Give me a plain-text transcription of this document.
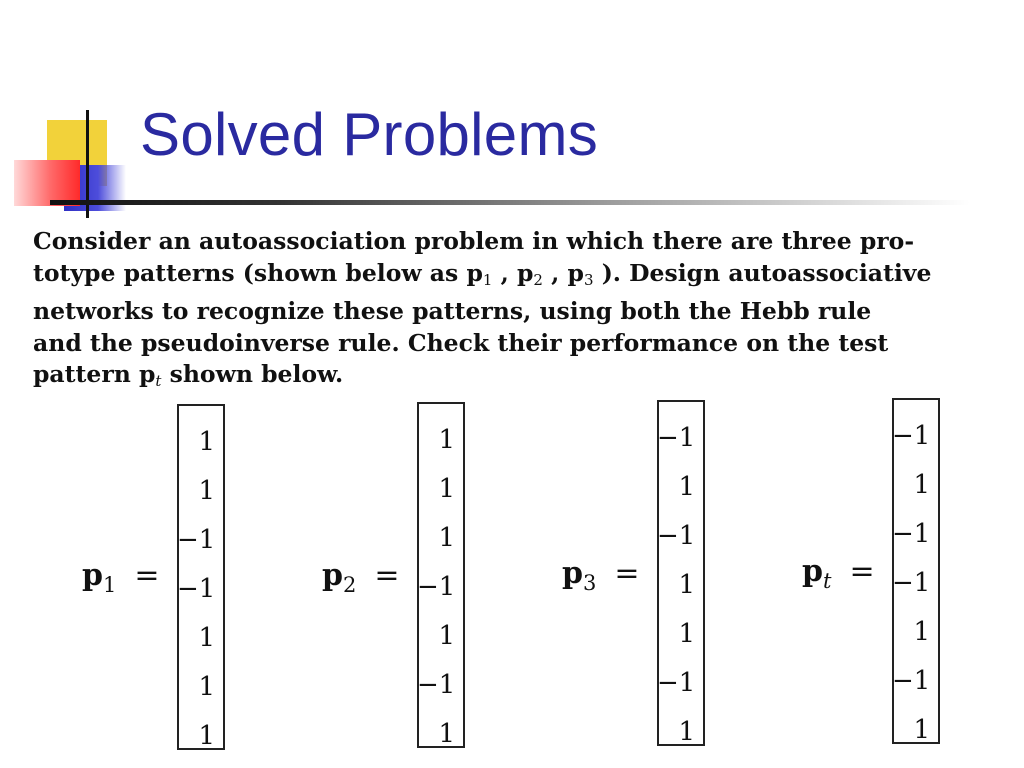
Solved Problems
Consider an autoassociation problem in which there are three pro-
totype patterns (shown below as $p_1$ , $p_2$ , $p_3$ ). Design autoassociative
networks to recognize these patterns, using both the Hebb rule
and the pseudoinverse rule. Check their performance on the test
pattern pt shown below.
$p_1$ =
1
1
−1
−1
1
1
1
$p_2$ =
1
1
1
−1
1
−1
1
$p_3$ =
−1
1
−1
1
1
−1
1
$p_t$ =
−1
1
−1
−1
1
−1
1
